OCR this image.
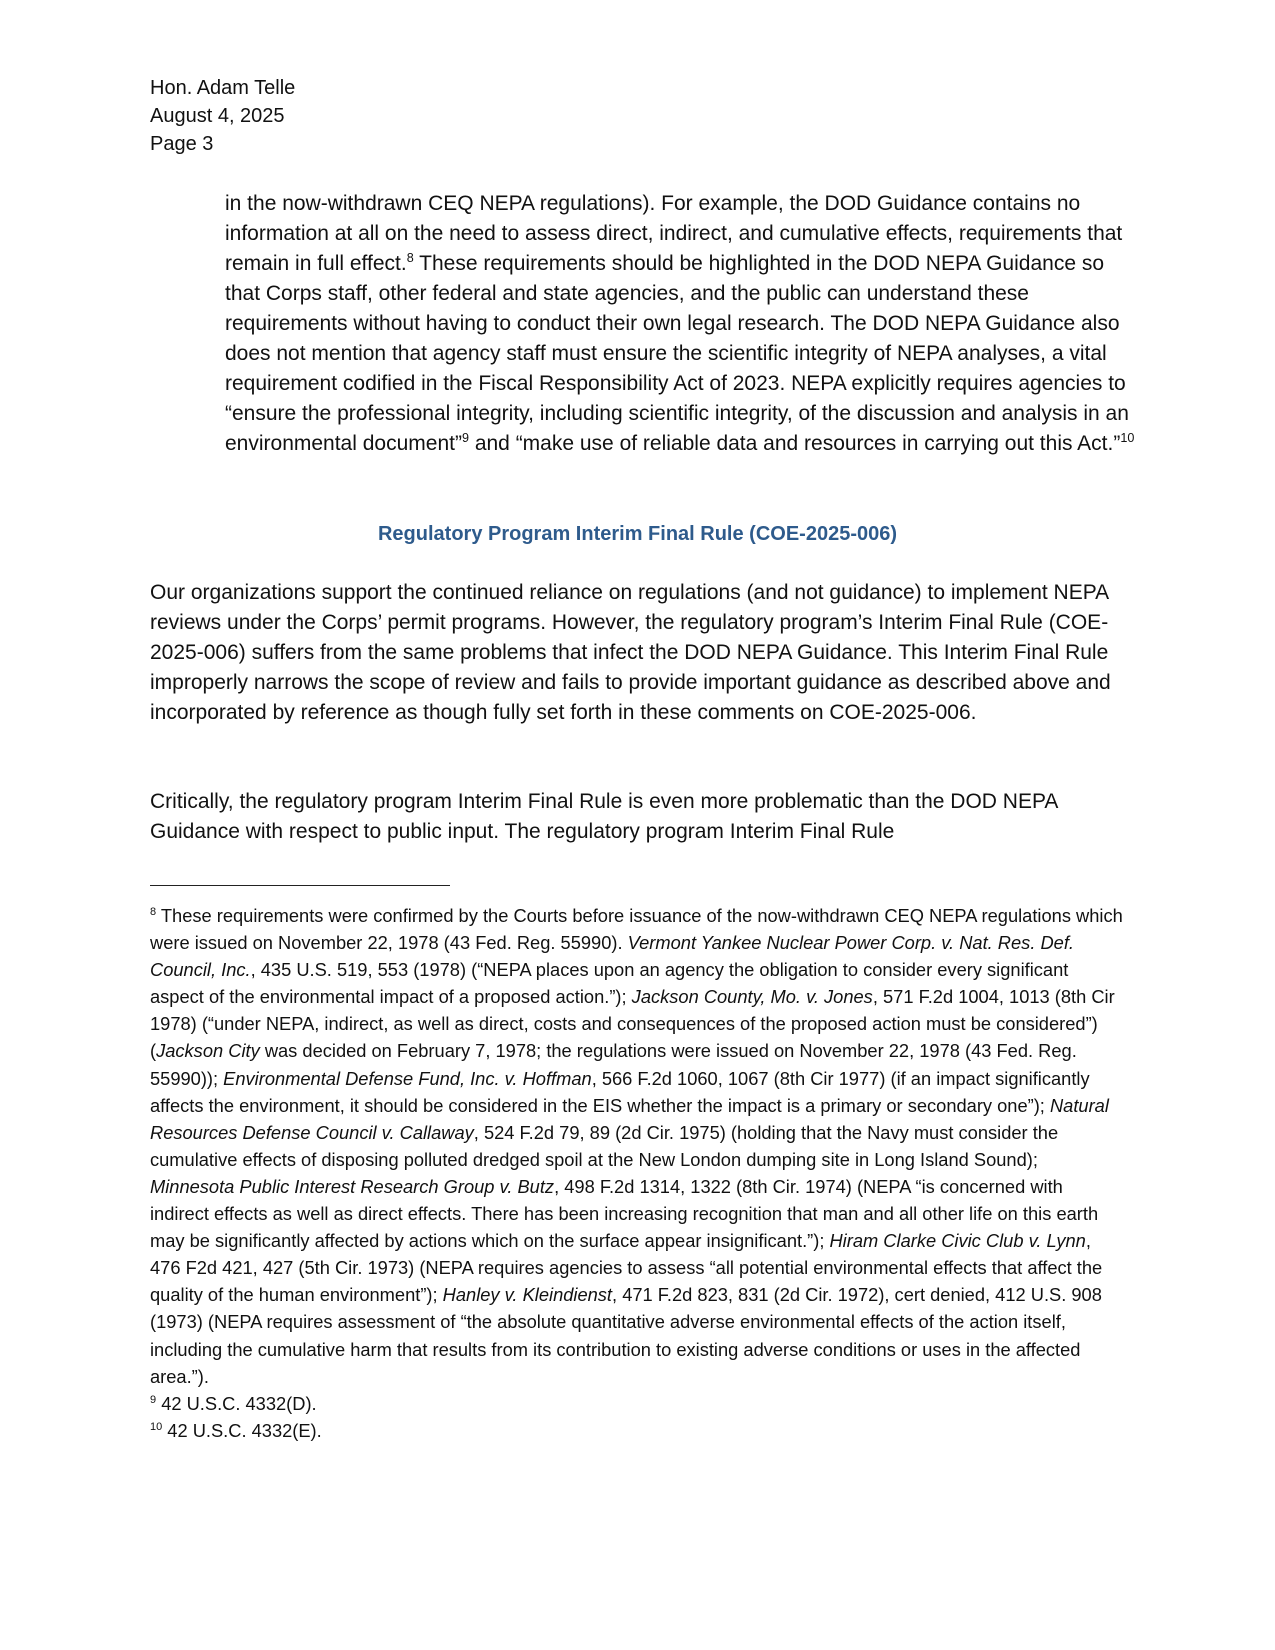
Hon. Adam Telle
August 4, 2025
Page 3

in the now-withdrawn CEQ NEPA regulations). For example, the DOD Guidance contains no information at all on the need to assess direct, indirect, and cumulative effects, requirements that remain in full effect.$^8$ These requirements should be highlighted in the DOD NEPA Guidance so that Corps staff, other federal and state agencies, and the public can understand these requirements without having to conduct their own legal research. The DOD NEPA Guidance also does not mention that agency staff must ensure the scientific integrity of NEPA analyses, a vital requirement codified in the Fiscal Responsibility Act of 2023. NEPA explicitly requires agencies to “ensure the professional integrity, including scientific integrity, of the discussion and analysis in an environmental document”$^9$ and “make use of reliable data and resources in carrying out this Act.”$^{10}$

Regulatory Program Interim Final Rule (COE-2025-006)

Our organizations support the continued reliance on regulations (and not guidance) to implement NEPA reviews under the Corps’ permit programs. However, the regulatory program’s Interim Final Rule (COE-2025-006) suffers from the same problems that infect the DOD NEPA Guidance. This Interim Final Rule improperly narrows the scope of review and fails to provide important guidance as described above and incorporated by reference as though fully set forth in these comments on COE-2025-006.

Critically, the regulatory program Interim Final Rule is even more problematic than the DOD NEPA Guidance with respect to public input. The regulatory program Interim Final Rule

$^8$ These requirements were confirmed by the Courts before issuance of the now-withdrawn CEQ NEPA regulations which were issued on November 22, 1978 (43 Fed. Reg. 55990). Vermont Yankee Nuclear Power Corp. v. Nat. Res. Def. Council, Inc., 435 U.S. 519, 553 (1978) (“NEPA places upon an agency the obligation to consider every significant aspect of the environmental impact of a proposed action.”); Jackson County, Mo. v. Jones, 571 F.2d 1004, 1013 (8th Cir 1978) (“under NEPA, indirect, as well as direct, costs and consequences of the proposed action must be considered”) (Jackson City was decided on February 7, 1978; the regulations were issued on November 22, 1978 (43 Fed. Reg. 55990)); Environmental Defense Fund, Inc. v. Hoffman, 566 F.2d 1060, 1067 (8th Cir 1977) (if an impact significantly affects the environment, it should be considered in the EIS whether the impact is a primary or secondary one”); Natural Resources Defense Council v. Callaway, 524 F.2d 79, 89 (2d Cir. 1975) (holding that the Navy must consider the cumulative effects of disposing polluted dredged spoil at the New London dumping site in Long Island Sound); Minnesota Public Interest Research Group v. Butz, 498 F.2d 1314, 1322 (8th Cir. 1974) (NEPA “is concerned with indirect effects as well as direct effects. There has been increasing recognition that man and all other life on this earth may be significantly affected by actions which on the surface appear insignificant.”); Hiram Clarke Civic Club v. Lynn, 476 F2d 421, 427 (5th Cir. 1973) (NEPA requires agencies to assess “all potential environmental effects that affect the quality of the human environment”); Hanley v. Kleindienst, 471 F.2d 823, 831 (2d Cir. 1972), cert denied, 412 U.S. 908 (1973) (NEPA requires assessment of “the absolute quantitative adverse environmental effects of the action itself, including the cumulative harm that results from its contribution to existing adverse conditions or uses in the affected area.”).

$^9$ 42 U.S.C. 4332(D).

$^{10}$ 42 U.S.C. 4332(E).
